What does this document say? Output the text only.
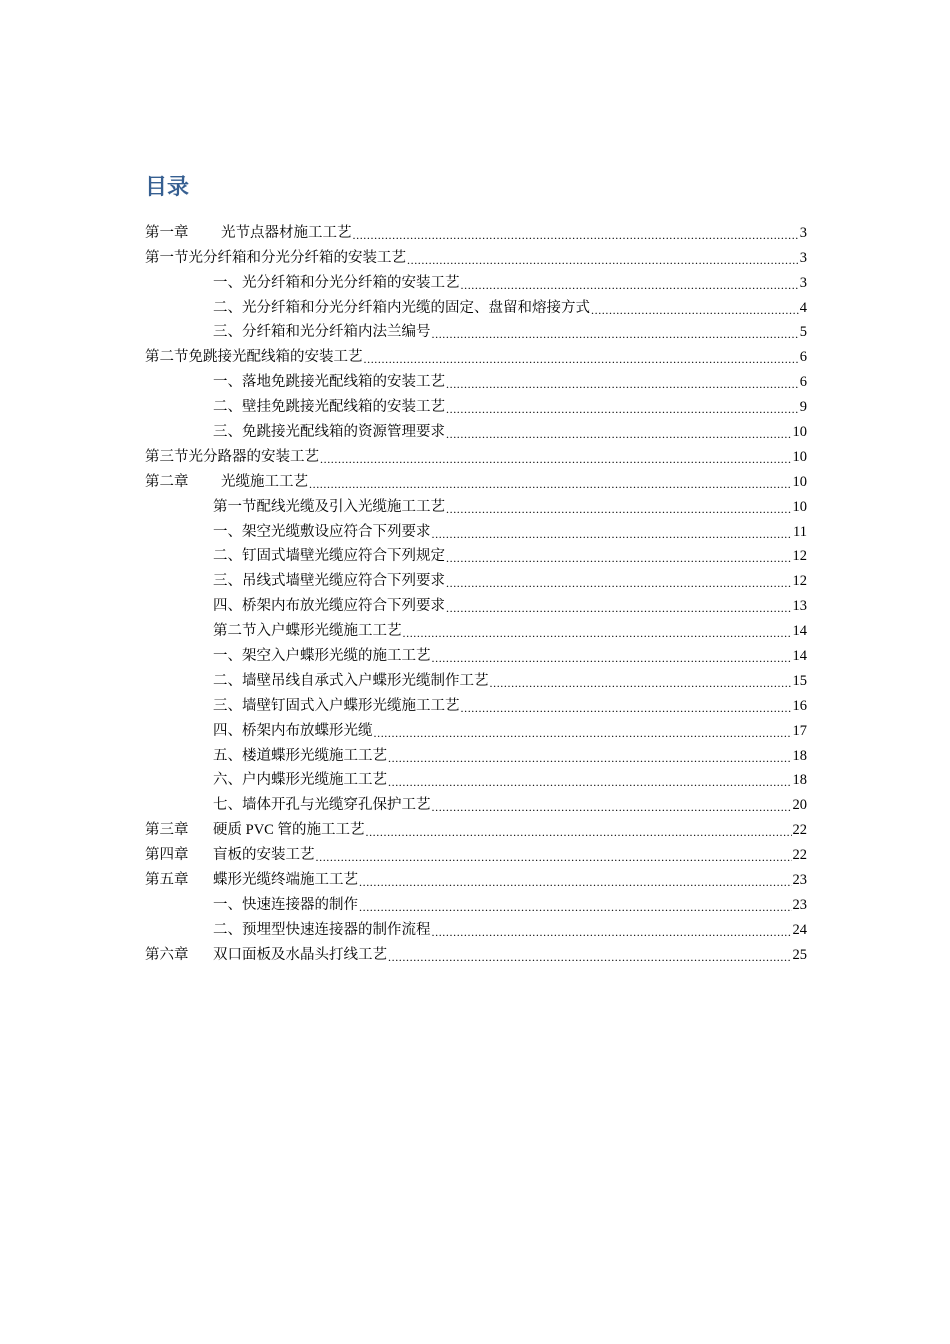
目录
第一章	光节点器材施工工艺 .....	3
第一节 光分纤箱和分光分纤箱的安装工艺 .....	3
一、光分纤箱和分光分纤箱的安装工艺 .....	3
二、光分纤箱和分光分纤箱内光缆的固定、盘留和熔接方式 .....	4
三、分纤箱和光分纤箱内法兰编号 .....	5
第二节 免跳接光配线箱的安装工艺 .....	6
一、落地免跳接光配线箱的安装工艺 .....	6
二、壁挂免跳接光配线箱的安装工艺 .....	9
三、免跳接光配线箱的资源管理要求 .....	10
第三节 光分路器的安装工艺 .....	10
第二章	光缆施工工艺 .....	10
第一节 配线光缆及引入光缆施工工艺 .....	10
一、架空光缆敷设应符合下列要求 .....	11
二、钉固式墙壁光缆应符合下列规定 .....	12
三、吊线式墙壁光缆应符合下列要求 .....	12
四、桥架内布放光缆应符合下列要求 .....	13
第二节入户蝶形光缆施工工艺 .....	14
一、架空入户蝶形光缆的施工工艺 .....	14
二、墙壁吊线自承式入户蝶形光缆制作工艺 .....	15
三、墙壁钉固式入户蝶形光缆施工工艺 .....	16
四、桥架内布放蝶形光缆 .....	17
五、楼道蝶形光缆施工工艺 .....	18
六、户内蝶形光缆施工工艺 .....	18
七、墙体开孔与光缆穿孔保护工艺 .....	20
第三章	硬质 PVC 管的施工工艺 .....	22
第四章	盲板的安装工艺 .....	22
第五章	蝶形光缆终端施工工艺 .....	23
一、快速连接器的制作 .....	23
二、预埋型快速连接器的制作流程 .....	24
第六章	双口面板及水晶头打线工艺 .....	25
